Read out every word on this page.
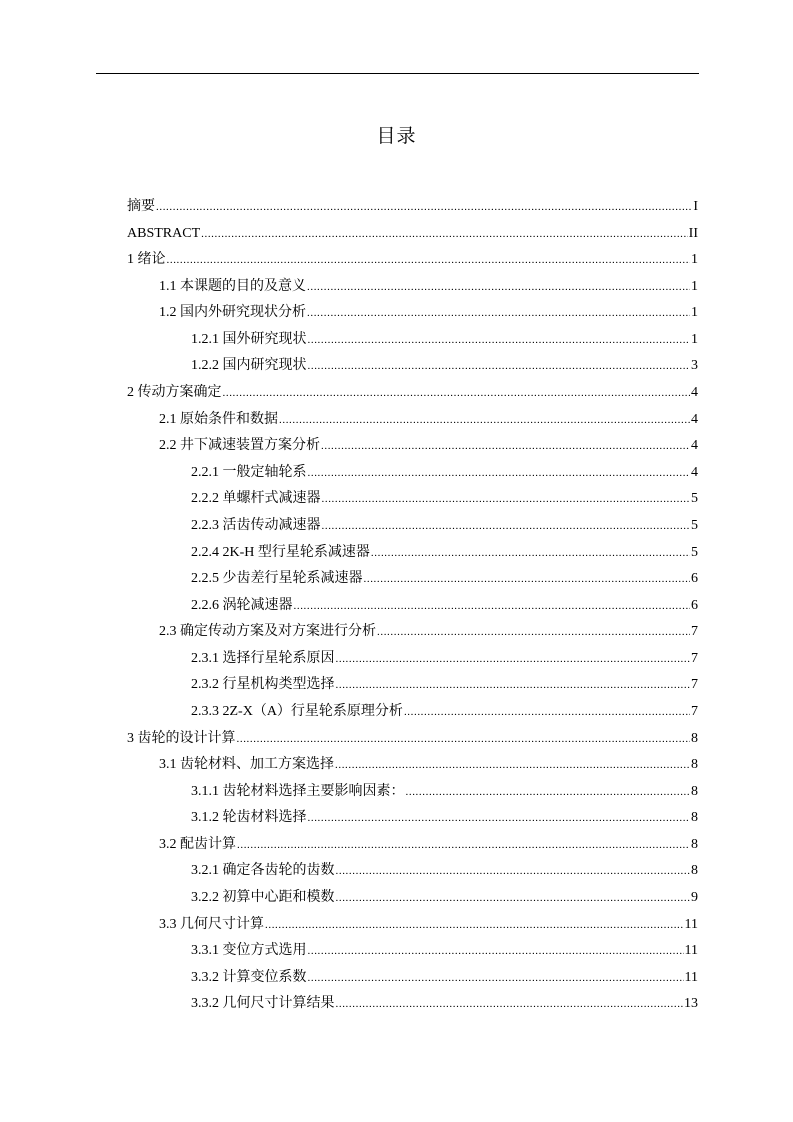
目录
摘要 .....	I
ABSTRACT .....	II
1 绪论 .....	1
1.1 本课题的目的及意义 .....	1
1.2 国内外研究现状分析 .....	1
1.2.1 国外研究现状 .....	1
1.2.2 国内研究现状 .....	3
2 传动方案确定 .....	4
2.1 原始条件和数据 .....	4
2.2 井下减速装置方案分析 .....	4
2.2.1 一般定轴轮系 .....	4
2.2.2 单螺杆式减速器 .....	5
2.2.3 活齿传动减速器 .....	5
2.2.4 2K-H 型行星轮系减速器 .....	5
2.2.5 少齿差行星轮系减速器 .....	6
2.2.6 涡轮减速器 .....	6
2.3 确定传动方案及对方案进行分析 .....	7
2.3.1 选择行星轮系原因 .....	7
2.3.2 行星机构类型选择 .....	7
2.3.3 2Z-X（A）行星轮系原理分析 .....	7
3 齿轮的设计计算 .....	8
3.1 齿轮材料、加工方案选择 .....	8
3.1.1 齿轮材料选择主要影响因素： .....	8
3.1.2 轮齿材料选择 .....	8
3.2 配齿计算 .....	8
3.2.1 确定各齿轮的齿数 .....	8
3.2.2 初算中心距和模数 .....	9
3.3 几何尺寸计算 .....	11
3.3.1 变位方式选用 .....	11
3.3.2 计算变位系数 .....	11
3.3.2 几何尺寸计算结果 .....	13
